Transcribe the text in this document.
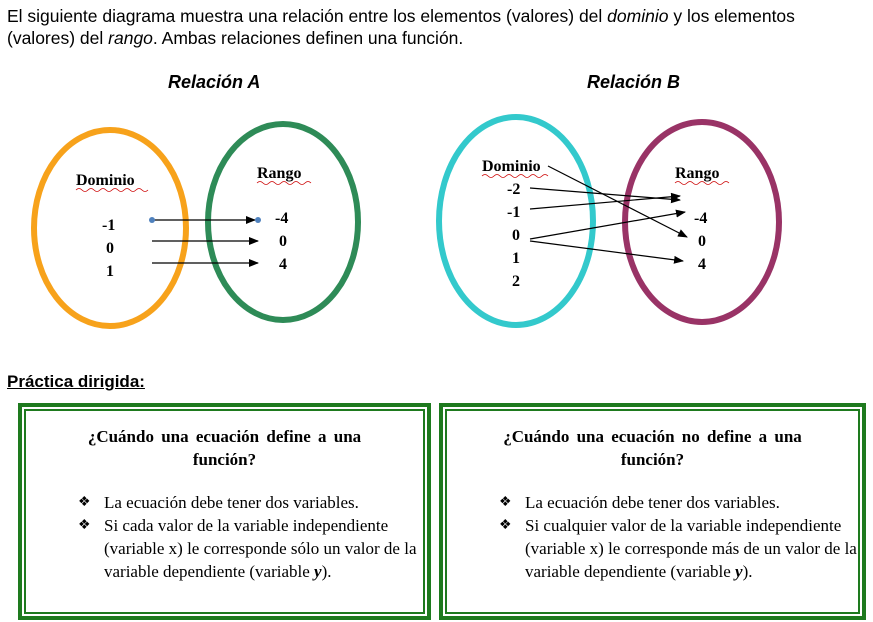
El siguiente diagrama muestra una relación entre los elementos (valores) del dominio y los elementos (valores) del rango. Ambas relaciones definen una función.
Relación A	Relación B
Dominio	Rango
-1
0
1
-4
0
4
Dominio	Rango
-2
-1
0
1
2
-4
0
4
Práctica dirigida:
¿Cuándo una ecuación define a una función?
❖ La ecuación debe tener dos variables.
❖ Si cada valor de la variable independiente (variable x) le corresponde sólo un valor de la variable dependiente (variable y).
¿Cuándo una ecuación no define a una función?
❖ La ecuación debe tener dos variables.
❖ Si cualquier valor de la variable independiente (variable x) le corresponde más de un valor de la variable dependiente (variable y).
